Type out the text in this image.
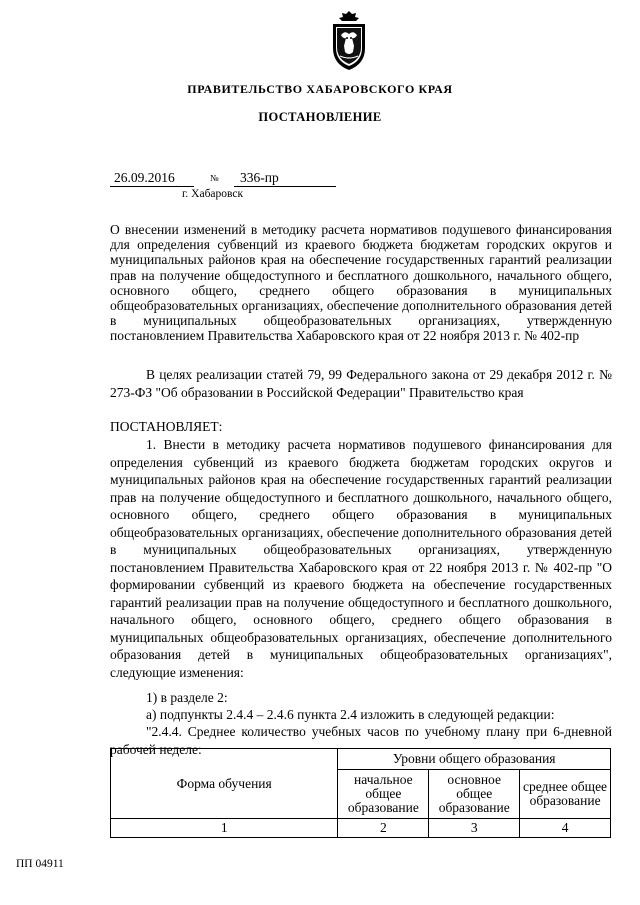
ПРАВИТЕЛЬСТВО ХАБАРОВСКОГО КРАЯ
ПОСТАНОВЛЕНИЕ
26.09.2016	№	336-пр
г. Хабаровск

О внесении изменений в методику расчета нормативов подушевого финансирования для определения субвенций из краевого бюджета бюджетам городских округов и муниципальных районов края на обеспечение государственных гарантий реализации прав на получение общедоступного и бесплатного дошкольного, начального общего, основного общего, среднего общего образования в муниципальных общеобразовательных организациях, обеспечение дополнительного образования детей в муниципальных общеобразовательных организациях, утвержденную постановлением Правительства Хабаровского края от 22 ноября 2013 г. № 402-пр

В целях реализации статей 79, 99 Федерального закона от 29 декабря 2012 г. № 273-ФЗ "Об образовании в Российской Федерации" Правительство края

ПОСТАНОВЛЯЕТ:

1. Внести в методику расчета нормативов подушевого финансирования для определения субвенций из краевого бюджета бюджетам городских округов и муниципальных районов края на обеспечение государственных гарантий реализации прав на получение общедоступного и бесплатного дошкольного, начального общего, основного общего, среднего общего образования в муниципальных общеобразовательных организациях, обеспечение дополнительного образования детей в муниципальных общеобразовательных организациях, утвержденную постановлением Правительства Хабаровского края от 22 ноября 2013 г. № 402-пр "О формировании субвенций из краевого бюджета на обеспечение государственных гарантий реализации прав на получение общедоступного и бесплатного дошкольного, начального общего, основного общего, среднего общего образования в муниципальных общеобразовательных организациях, обеспечение дополнительного образования детей в муниципальных общеобразовательных организациях", следующие изменения:

1) в разделе 2:

а) подпункты 2.4.4 – 2.4.6 пункта 2.4 изложить в следующей редакции:

"2.4.4. Среднее количество учебных часов по учебному плану при 6-дневной рабочей неделе:

Форма обучения	Уровни общего образования		
	начальное общее образование	основное общее образование	среднее общее образование
1	2	3	4
ПП 04911
